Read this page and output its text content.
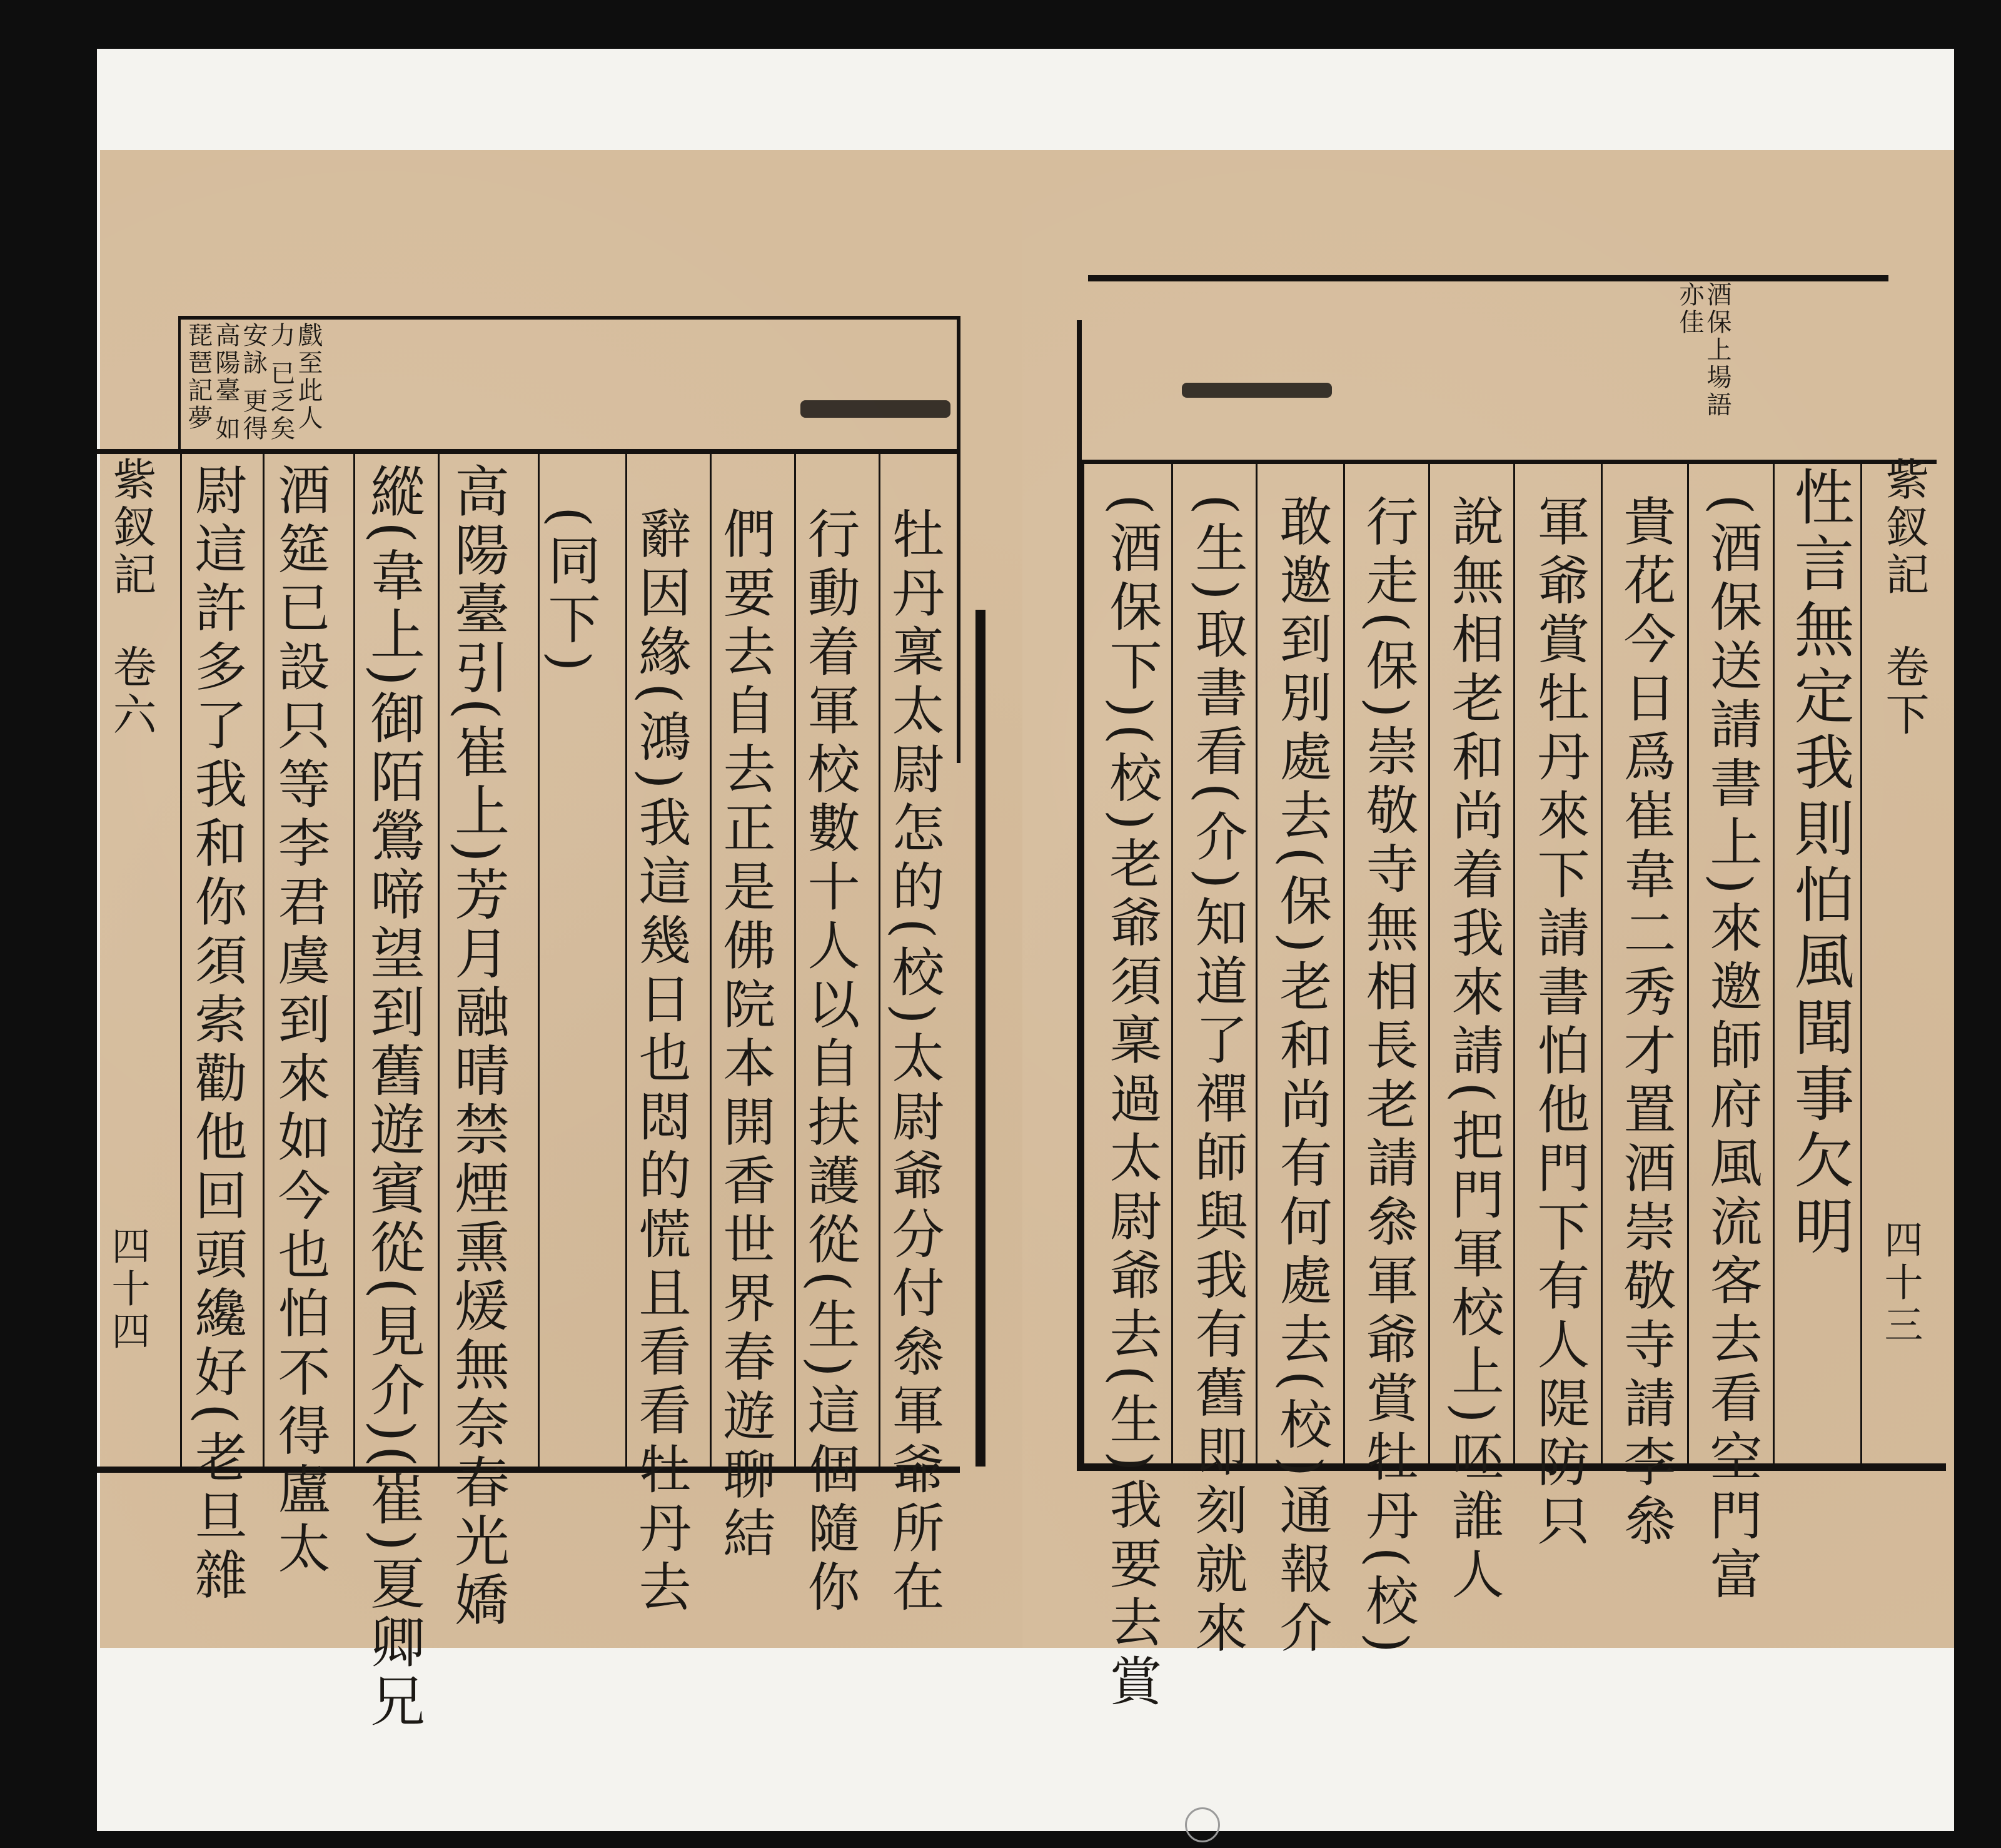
戲至此人力 已乏矣安詠 更得高陽臺 如琵琶記夢
紫釵記
卷六
四十四	牡丹稟太尉怎的(校)太尉爺分付叅軍爺所在
行動着軍校數十人以自扶護從(生)這個隨你
們要去自去正是佛院本開香世界春遊聊結
辭因緣(鴻)我這幾日也悶的慌且看看牡丹去
(同下)
高陽臺引(崔上)芳月融晴禁煙熏煖無奈春光嬌
縱(韋上)御陌鶯啼望到舊遊賓從(見介)(崔)夏卿兄
酒筵已設只等李君虞到來如今也怕不得盧太
尉這許多了我和你須索勸他回頭纔好(老旦雜
酒保上場語 亦佳
紫釵記
卷下
四十三
性言無定我則怕風聞事欠明
(酒保送請書上)來邀師府風流客去看空門富
貴花今日爲崔韋二秀才置酒崇敬寺請李叅
軍爺賞牡丹來下請書怕他門下有人隄防只
說無相老和尚着我來請(把門軍校上)呸誰人
行走(保)崇敬寺無相長老請叅軍爺賞牡丹(校)
敢邀到別處去(保)老和尚有何處去(校)通報介
(生)取書看(介)知道了禪師與我有舊即刻就來
(酒保下)(校)老爺須稟過太尉爺去(生)我要去賞
